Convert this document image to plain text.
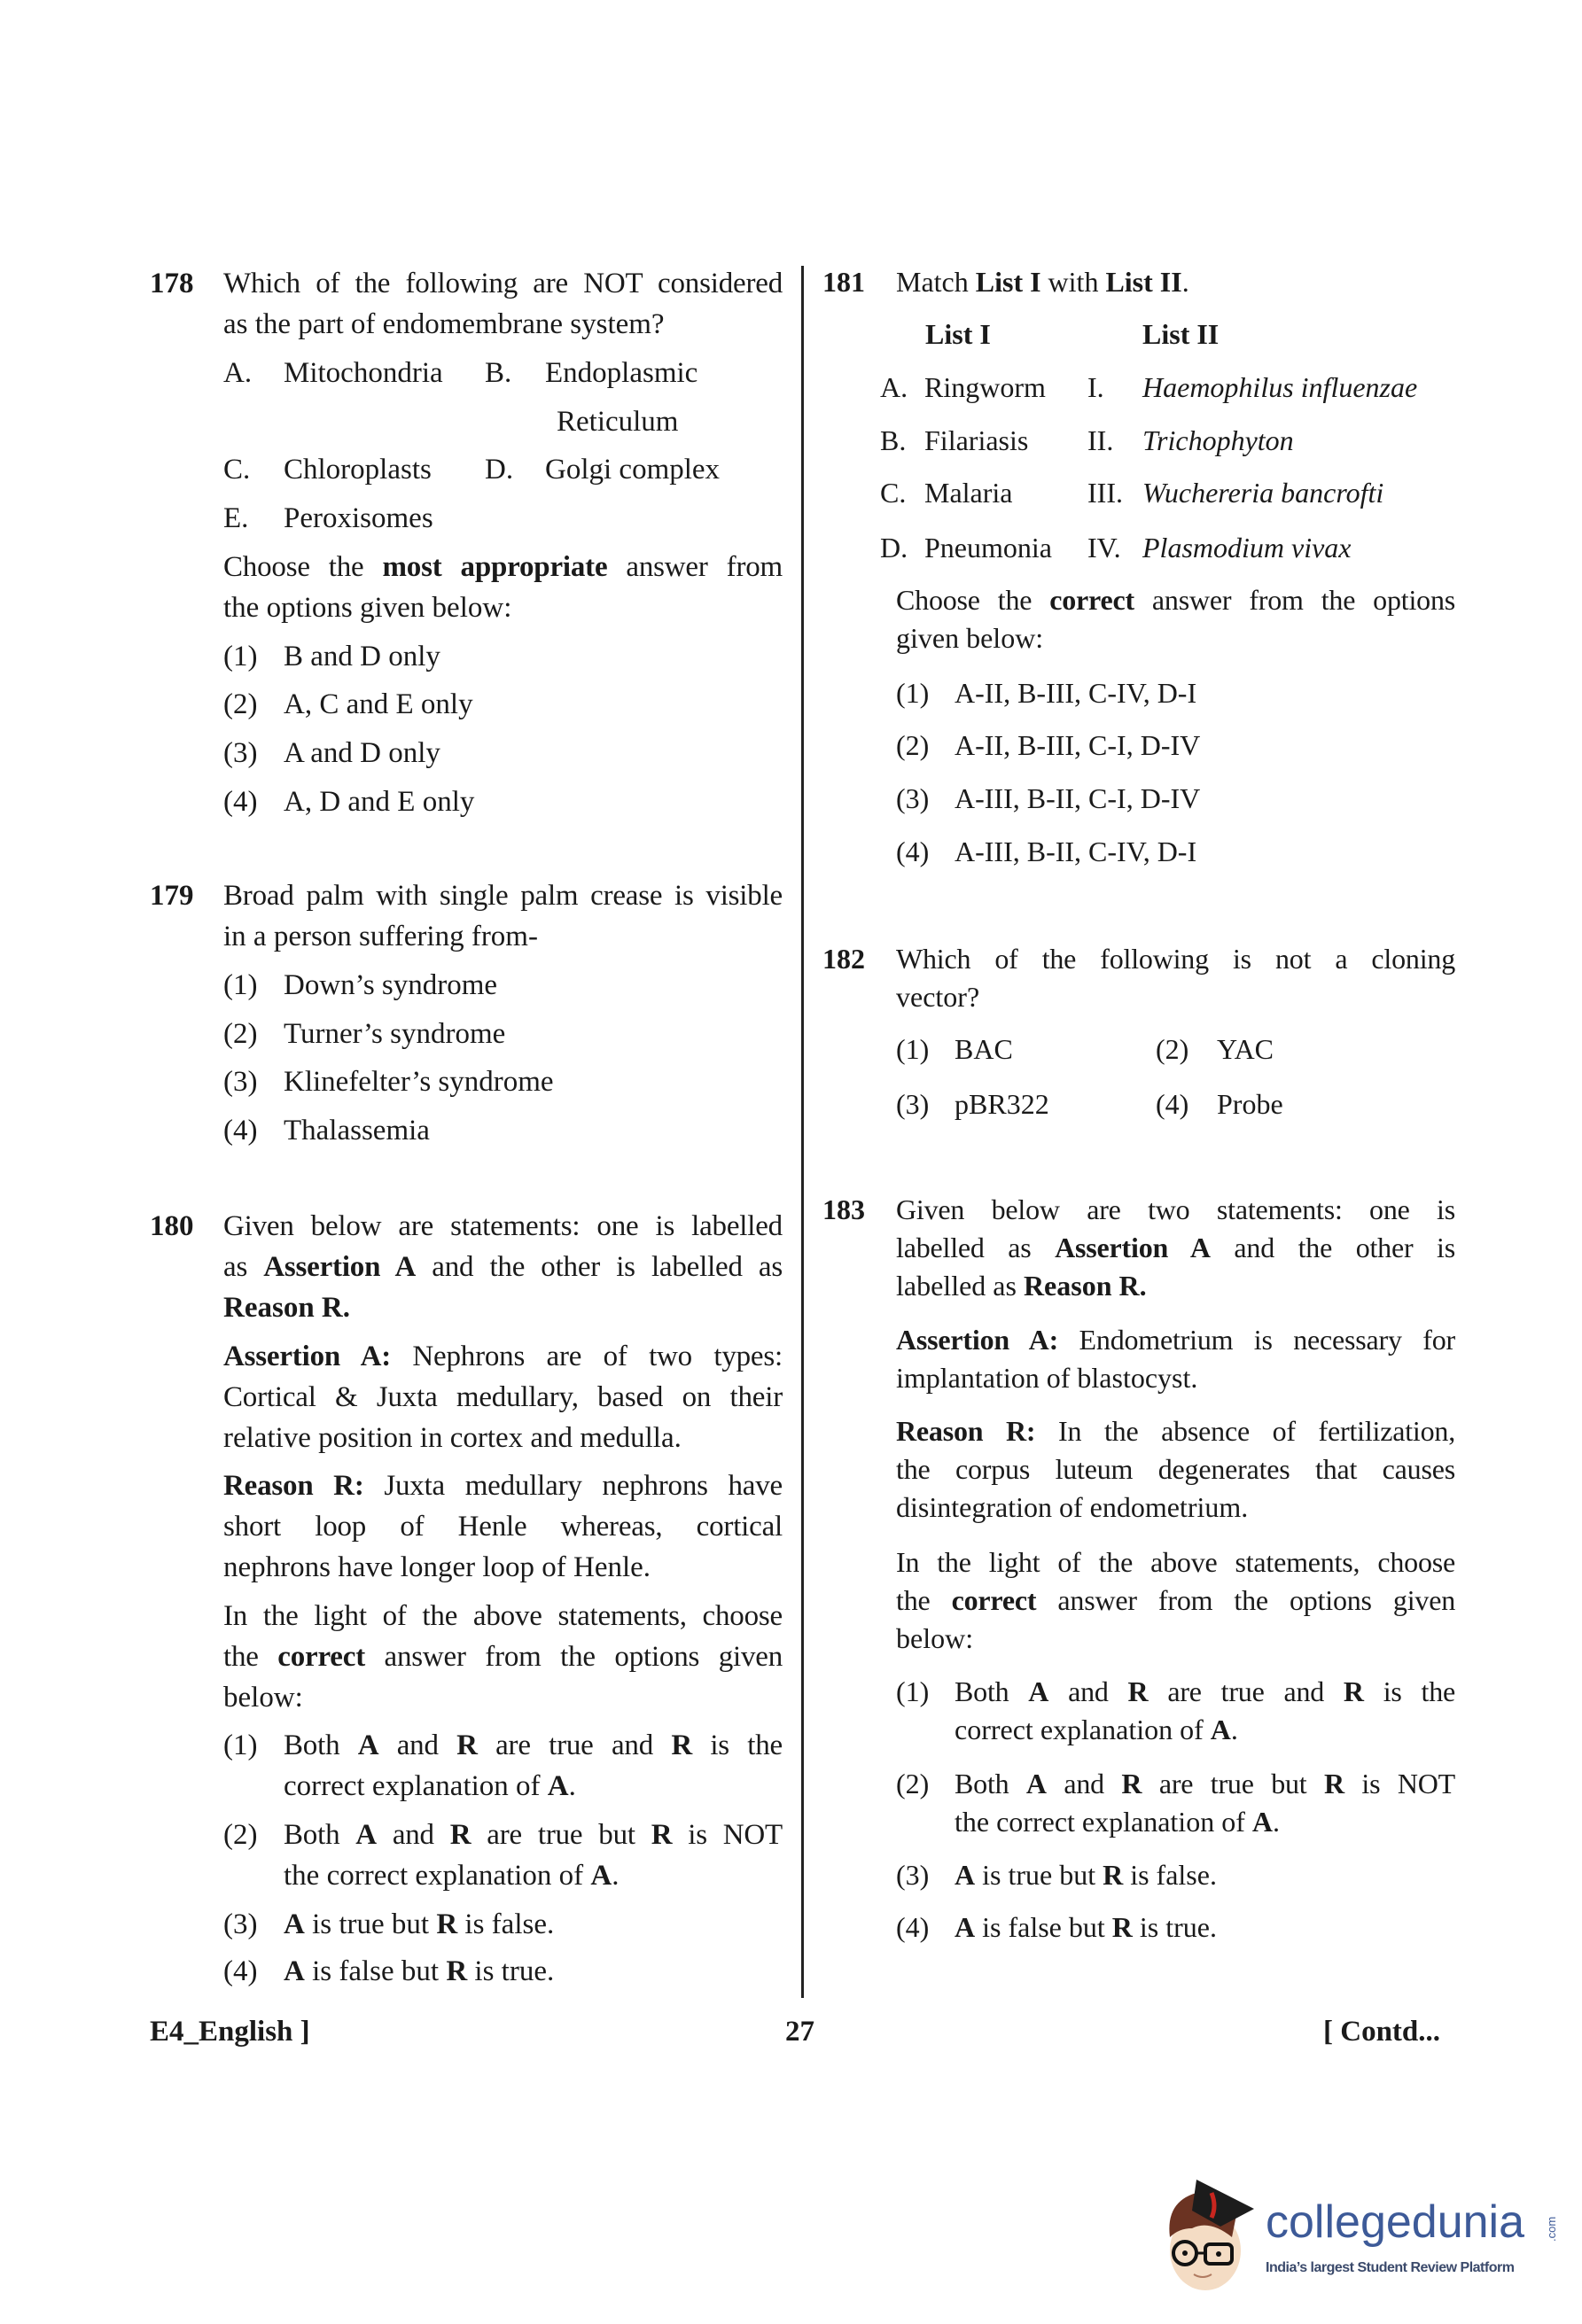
178 Which of the following are NOT considered
as the part of endomembrane system?
A. Mitochondria B. Endoplasmic
Reticulum
C. Chloroplasts D. Golgi complex
E. Peroxisomes
Choose the most appropriate answer from
the options given below:
(1) B and D only
(2) A, C and E only
(3) A and D only
(4) A, D and E only
179 Broad palm with single palm crease is visible
in a person suffering from-
(1) Down’s syndrome
(2) Turner’s syndrome
(3) Klinefelter’s syndrome
(4) Thalassemia
180 Given below are statements: one is labelled
as Assertion A and the other is labelled as
Reason R.
Assertion A: Nephrons are of two types:
Cortical & Juxta medullary, based on their
relative position in cortex and medulla.
Reason R: Juxta medullary nephrons have
short loop of Henle whereas, cortical
nephrons have longer loop of Henle.
In the light of the above statements, choose
the correct answer from the options given
below:
(1) Both A and R are true and R is the
correct explanation of A.
(2) Both A and R are true but R is NOT
the correct explanation of A.
(3) A is true but R is false.
(4) A is false but R is true.
181 Match List I with List II.
List I	List II
A. Ringworm I. Haemophilus influenzae
B. Filariasis II. Trichophyton
C. Malaria	III. Wuchereria bancrofti
D. Pneumonia IV. Plasmodium vivax
Choose the correct answer from the options
given below:
(1) A-II, B-III, C-IV, D-I
(2) A-II, B-III, C-I, D-IV
(3) A-III, B-II, C-I, D-IV
(4) A-III, B-II, C-IV, D-I
182 Which of the following is not a cloning
vector?
(1) BAC	(2) YAC
(3) pBR322	(4) Probe
183 Given below are two statements: one is
labelled as Assertion A and the other is
labelled as Reason R.
Assertion A: Endometrium is necessary for
implantation of blastocyst.
Reason R: In the absence of fertilization,
the corpus luteum degenerates that causes
disintegration of endometrium.
In the light of the above statements, choose
the correct answer from the options given
below:
(1) Both A and R are true and R is the
correct explanation of A.
(2) Both A and R are true but R is NOT
the correct explanation of A.
(3) A is true but R is false.
(4) A is false but R is true.
E4_English ]	27	[ Contd...
collegedunia .com
India’s largest Student Review Platform
